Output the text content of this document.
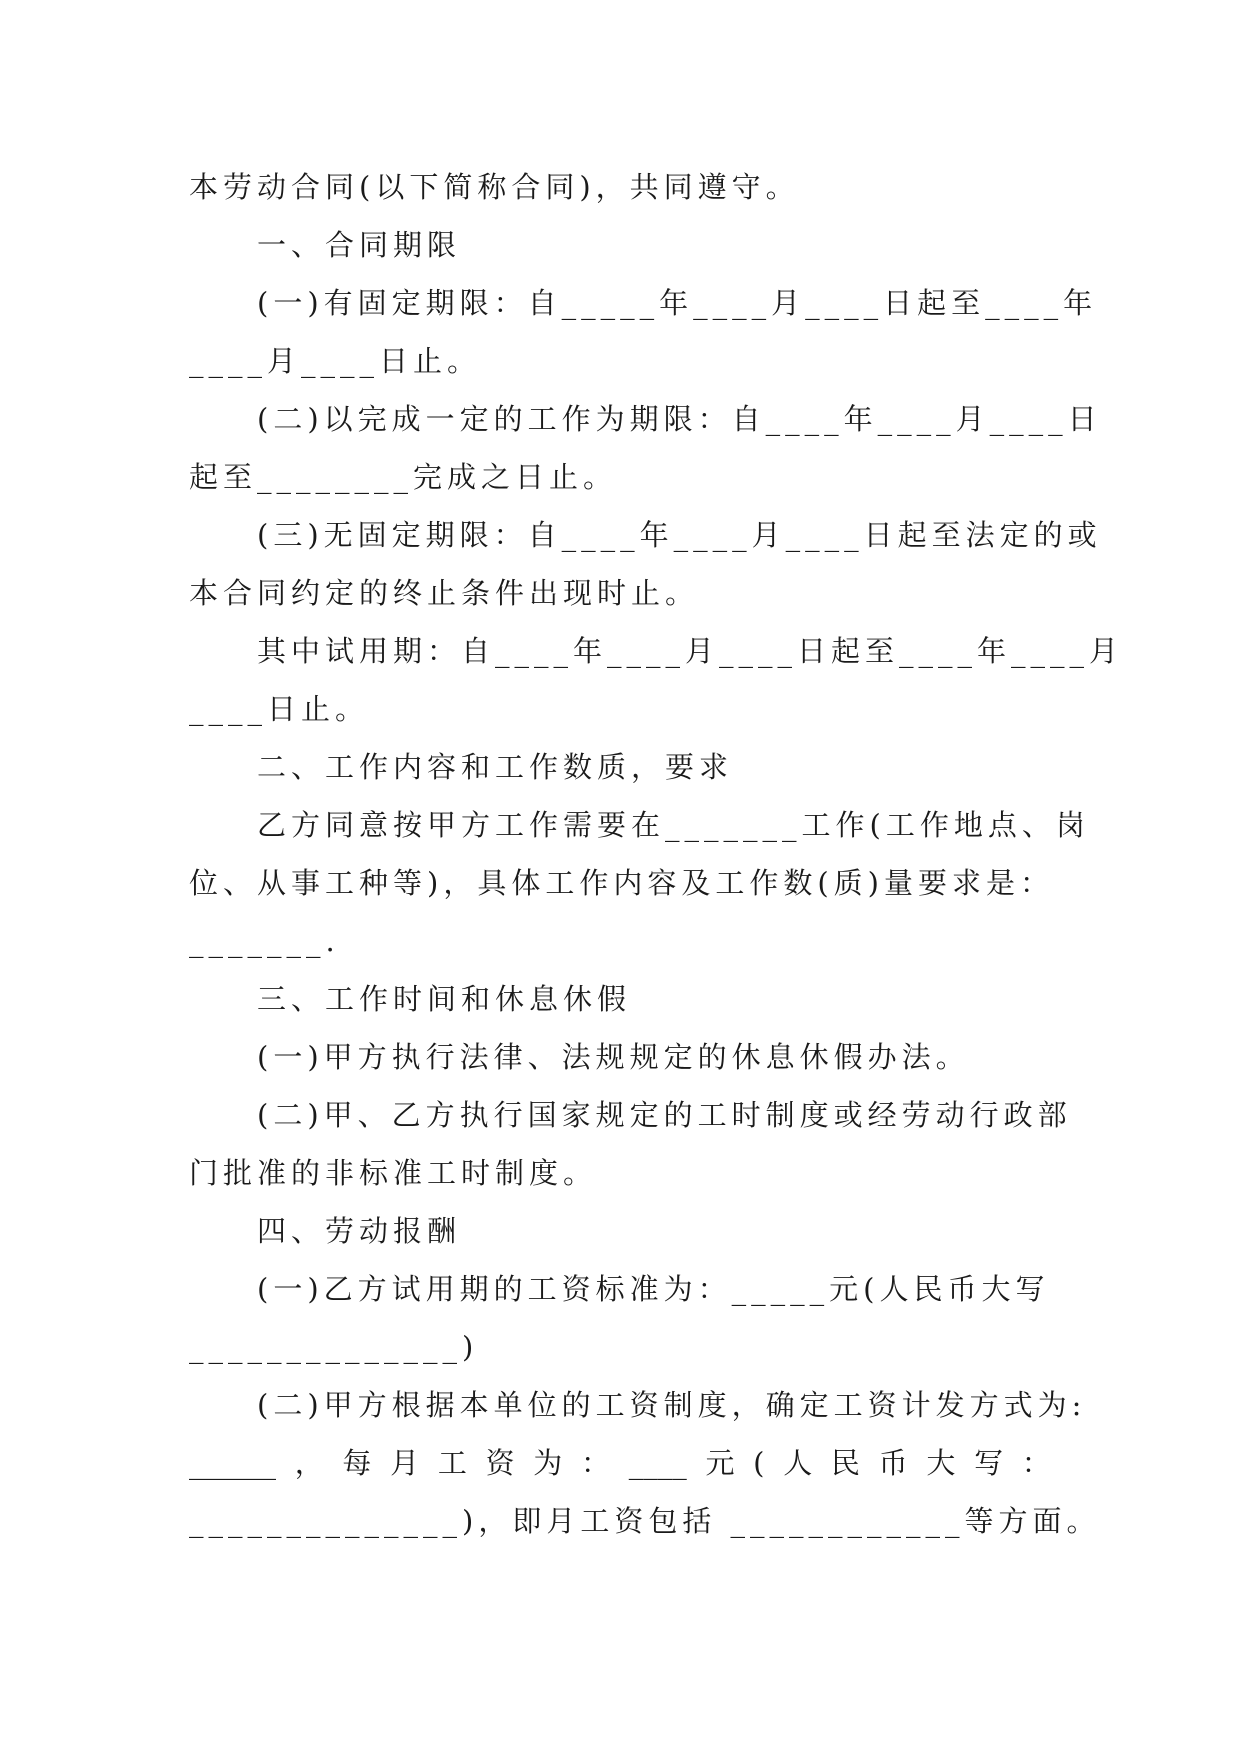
本劳动合同(以下简称合同)，共同遵守。
一、合同期限
(一)有固定期限：自_____年____月____日起至____年
____月____日止。
(二)以完成一定的工作为期限：自____年____月____日
起至________完成之日止。
(三)无固定期限：自____年____月____日起至法定的或
本合同约定的终止条件出现时止。
其中试用期：自____年____月____日起至____年____月
____日止。
二、工作内容和工作数质，要求
乙方同意按甲方工作需要在_______工作(工作地点、岗
位、从事工种等)，具体工作内容及工作数(质)量要求是：
_______.
三、工作时间和休息休假
(一)甲方执行法律、法规规定的休息休假办法。
(二)甲、乙方执行国家规定的工时制度或经劳动行政部
门批准的非标准工时制度。
四、劳动报酬
(一)乙方试用期的工资标准为：_____元(人民币大写
______________)
(二)甲方根据本单位的工资制度，确定工资计发方式为:
______ ， 每 月 工 资 为 ： ____ 元 ( 人 民 币 大 写 ：
______________)，即月工资包括 ____________等方面。
